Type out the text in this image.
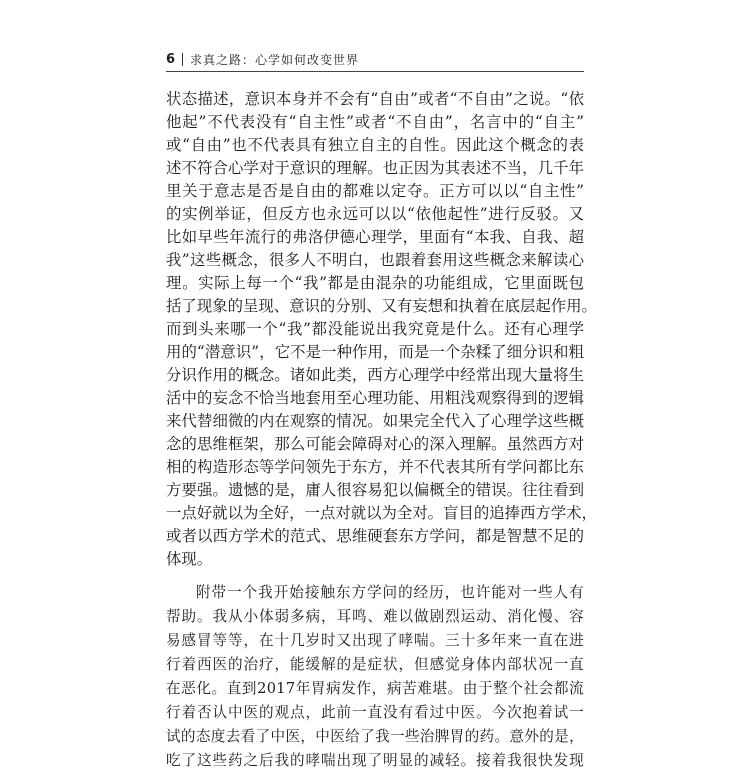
6 求真之路：心学如何改变世界
状态描述，意识本身并不会有“自由”或者“不自由”之说。“依
他起”不代表没有“自主性”或者“不自由”，名言中的“自主”
或“自由”也不代表具有独立自主的自性。因此这个概念的表
述不符合心学对于意识的理解。也正因为其表述不当，几千年
里关于意志是否是自由的都难以定夺。正方可以以“自主性”
的实例举证，但反方也永远可以以“依他起性”进行反驳。又
比如早些年流行的弗洛伊德心理学，里面有“本我、自我、超
我”这些概念，很多人不明白，也跟着套用这些概念来解读心
理。实际上每一个“我”都是由混杂的功能组成，它里面既包
括了现象的呈现、意识的分别、又有妄想和执着在底层起作用。
而到头来哪一个“我”都没能说出我究竟是什么。还有心理学
用的“潜意识”，它不是一种作用，而是一个杂糅了细分识和粗
分识作用的概念。诸如此类，西方心理学中经常出现大量将生
活中的妄念不恰当地套用至心理功能、用粗浅观察得到的逻辑
来代替细微的内在观察的情况。如果完全代入了心理学这些概
念的思维框架，那么可能会障碍对心的深入理解。虽然西方对
相的构造形态等学问领先于东方，并不代表其所有学问都比东
方要强。遗憾的是，庸人很容易犯以偏概全的错误。往往看到
一点好就以为全好，一点对就以为全对。盲目的追捧西方学术，
或者以西方学术的范式、思维硬套东方学问，都是智慧不足的
体现。
附带一个我开始接触东方学问的经历，也许能对一些人有
帮助。我从小体弱多病，耳鸣、难以做剧烈运动、消化慢、容
易感冒等等，在十几岁时又出现了哮喘。三十多年来一直在进
行着西医的治疗，能缓解的是症状，但感觉身体内部状况一直
在恶化。直到2017年胃病发作，病苦难堪。由于整个社会都流
行着否认中医的观点，此前一直没有看过中医。今次抱着试一
试的态度去看了中医，中医给了我一些治脾胃的药。意外的是，
吃了这些药之后我的哮喘出现了明显的减轻。接着我很快发现
